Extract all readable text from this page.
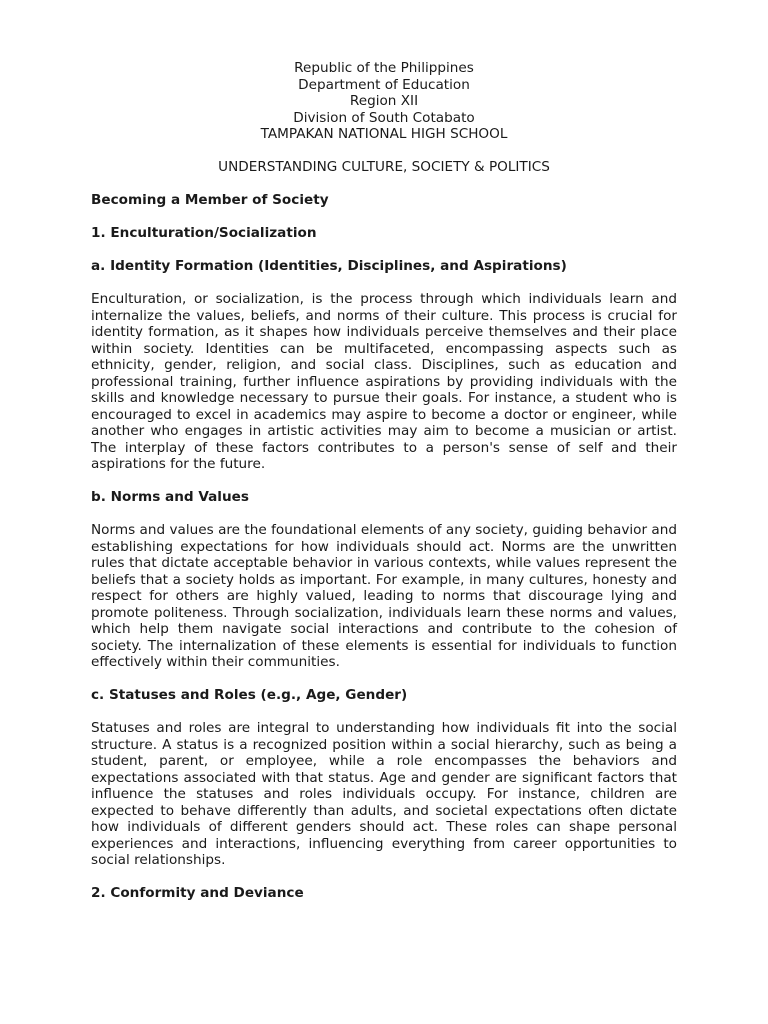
Republic of the Philippines
Department of Education
Region XII
Division of South Cotabato
TAMPAKAN NATIONAL HIGH SCHOOL
UNDERSTANDING CULTURE, SOCIETY & POLITICS
Becoming a Member of Society
1. Enculturation/Socialization
a. Identity Formation (Identities, Disciplines, and Aspirations)

Enculturation, or socialization, is the process through which individuals learn and internalize the values, beliefs, and norms of their culture. This process is crucial for identity formation, as it shapes how individuals perceive themselves and their place within society. Identities can be multifaceted, encompassing aspects such as ethnicity, gender, religion, and social class. Disciplines, such as education and professional training, further influence aspirations by providing individuals with the skills and knowledge necessary to pursue their goals. For instance, a student who is encouraged to excel in academics may aspire to become a doctor or engineer, while another who engages in artistic activities may aim to become a musician or artist. The interplay of these factors contributes to a person's sense of self and their aspirations for the future.

b. Norms and Values

Norms and values are the foundational elements of any society, guiding behavior and establishing expectations for how individuals should act. Norms are the unwritten rules that dictate acceptable behavior in various contexts, while values represent the beliefs that a society holds as important. For example, in many cultures, honesty and respect for others are highly valued, leading to norms that discourage lying and promote politeness. Through socialization, individuals learn these norms and values, which help them navigate social interactions and contribute to the cohesion of society. The internalization of these elements is essential for individuals to function effectively within their communities.

c. Statuses and Roles (e.g., Age, Gender)

Statuses and roles are integral to understanding how individuals fit into the social structure. A status is a recognized position within a social hierarchy, such as being a student, parent, or employee, while a role encompasses the behaviors and expectations associated with that status. Age and gender are significant factors that influence the statuses and roles individuals occupy. For instance, children are expected to behave differently than adults, and societal expectations often dictate how individuals of different genders should act. These roles can shape personal experiences and interactions, influencing everything from career opportunities to social relationships.

2. Conformity and Deviance
